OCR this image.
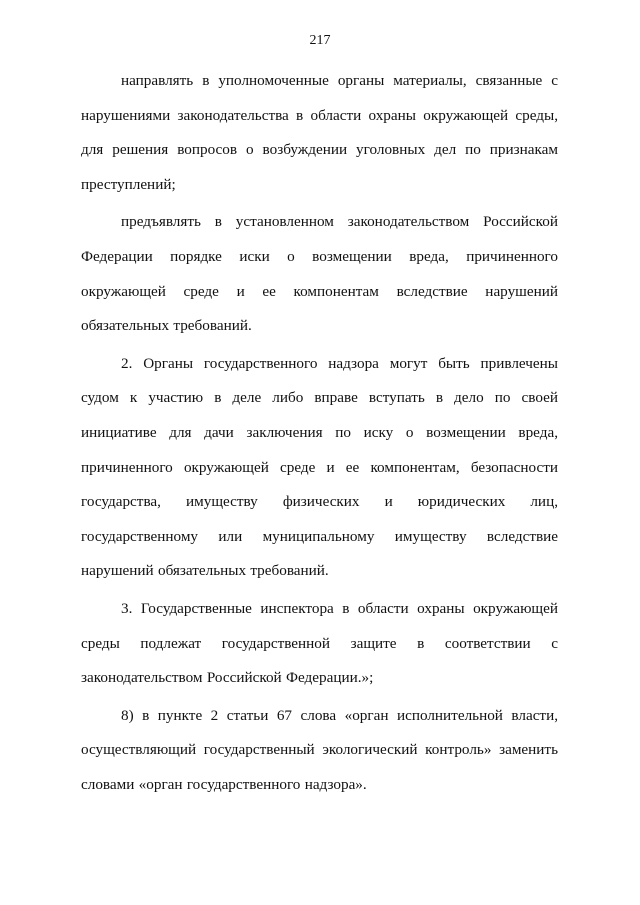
217

направлять в уполномоченные органы материалы, связанные с нарушениями законодательства в области охраны окружающей среды, для решения вопросов о возбуждении уголовных дел по признакам преступлений;

предъявлять в установленном законодательством Российской Федерации порядке иски о возмещении вреда, причиненного окружающей среде и ее компонентам вследствие нарушений обязательных требований.

2. Органы государственного надзора могут быть привлечены судом к участию в деле либо вправе вступать в дело по своей инициативе для дачи заключения по иску о возмещении вреда, причиненного окружающей среде и ее компонентам, безопасности государства, имуществу физических и юридических лиц, государственному или муниципальному имуществу вследствие нарушений обязательных требований.

3. Государственные инспектора в области охраны окружающей среды подлежат государственной защите в соответствии с законодательством Российской Федерации.»;

8) в пункте 2 статьи 67 слова «орган исполнительной власти, осуществляющий государственный экологический контроль» заменить словами «орган государственного надзора».
